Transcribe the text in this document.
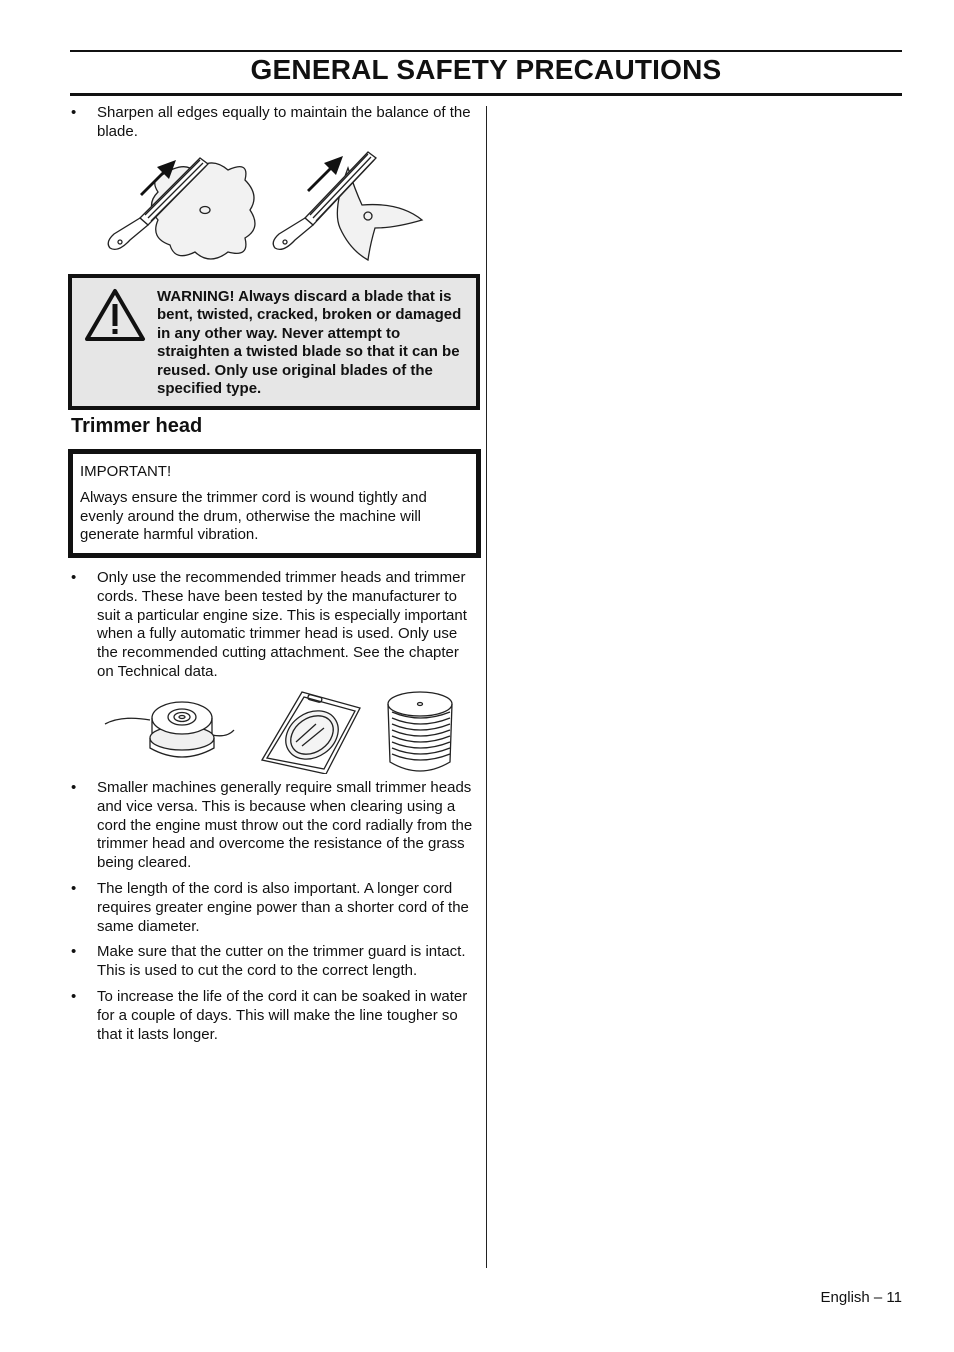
GENERAL SAFETY PRECAUTIONS
• Sharpen all edges equally to maintain the balance of the blade.
WARNING! Always discard a blade that is bent, twisted, cracked, broken or damaged in any other way. Never attempt to straighten a twisted blade so that it can be reused. Only use original blades of the specified type.
Trimmer head
IMPORTANT!
Always ensure the trimmer cord is wound tightly and evenly around the drum, otherwise the machine will generate harmful vibration.
• Only use the recommended trimmer heads and trimmer cords. These have been tested by the manufacturer to suit a particular engine size. This is especially important when a fully automatic trimmer head is used. Only use the recommended cutting attachment. See the chapter on Technical data.
• Smaller machines generally require small trimmer heads and vice versa. This is because when clearing using a cord the engine must throw out the cord radially from the trimmer head and overcome the resistance of the grass being cleared.
• The length of the cord is also important. A longer cord requires greater engine power than a shorter cord of the same diameter.
• Make sure that the cutter on the trimmer guard is intact. This is used to cut the cord to the correct length.
• To increase the life of the cord it can be soaked in water for a couple of days. This will make the line tougher so that it lasts longer.
English – 11
